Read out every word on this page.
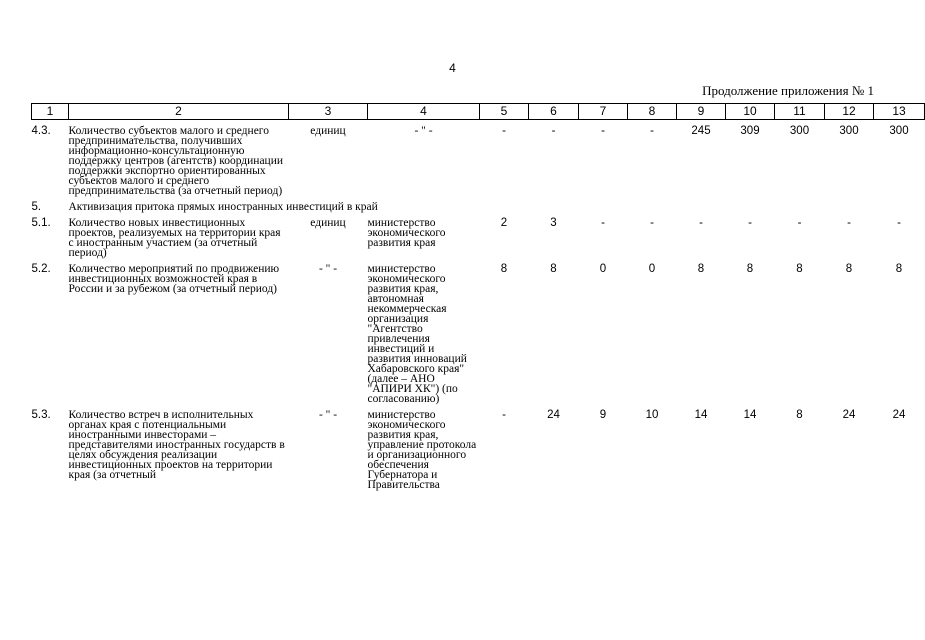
4
Продолжение приложения № 1
1	2	3	4	5	6	7	8	9	10	11	12	13

4.3.	Количество субъектов малого и среднего предпринимательства, получивших информационно-консультационную поддержку центров (агентств) координации поддержки экспортно ориентированных субъектов малого и среднего предпринимательства (за отчетный период)	единиц	- " -	-	-	-	-	245	309	300	300	300

5.	Активизация притока прямых иностранных инвестиций в край											

5.1.	Количество новых инвестиционных проектов, реализуемых на территории края с иностранным участием (за отчетный период)	единиц	министерство экономического развития края	2	3	-	-	-	-	-	-	-

5.2.	Количество мероприятий по продвижению инвестиционных возможностей края в России и за рубежом (за отчетный период)	- " -	министерство экономического развития края, автономная некоммерческая организация "Агентство привлечения инвестиций и развития инноваций Хабаровского края" (далее – АНО "АПИРИ ХК") (по согласованию)	8	8	0	0	8	8	8	8	8

5.3.	Количество встреч в исполнительных органах края с потенциальными иностранными инвесторами – представителями иностранных государств в целях обсуждения реализации инвестиционных проектов на территории края (за отчетный	- " -	министерство экономического развития края, управление протокола и организационного обеспечения Губернатора и Правительства	-	24	9	10	14	14	8	24	24
